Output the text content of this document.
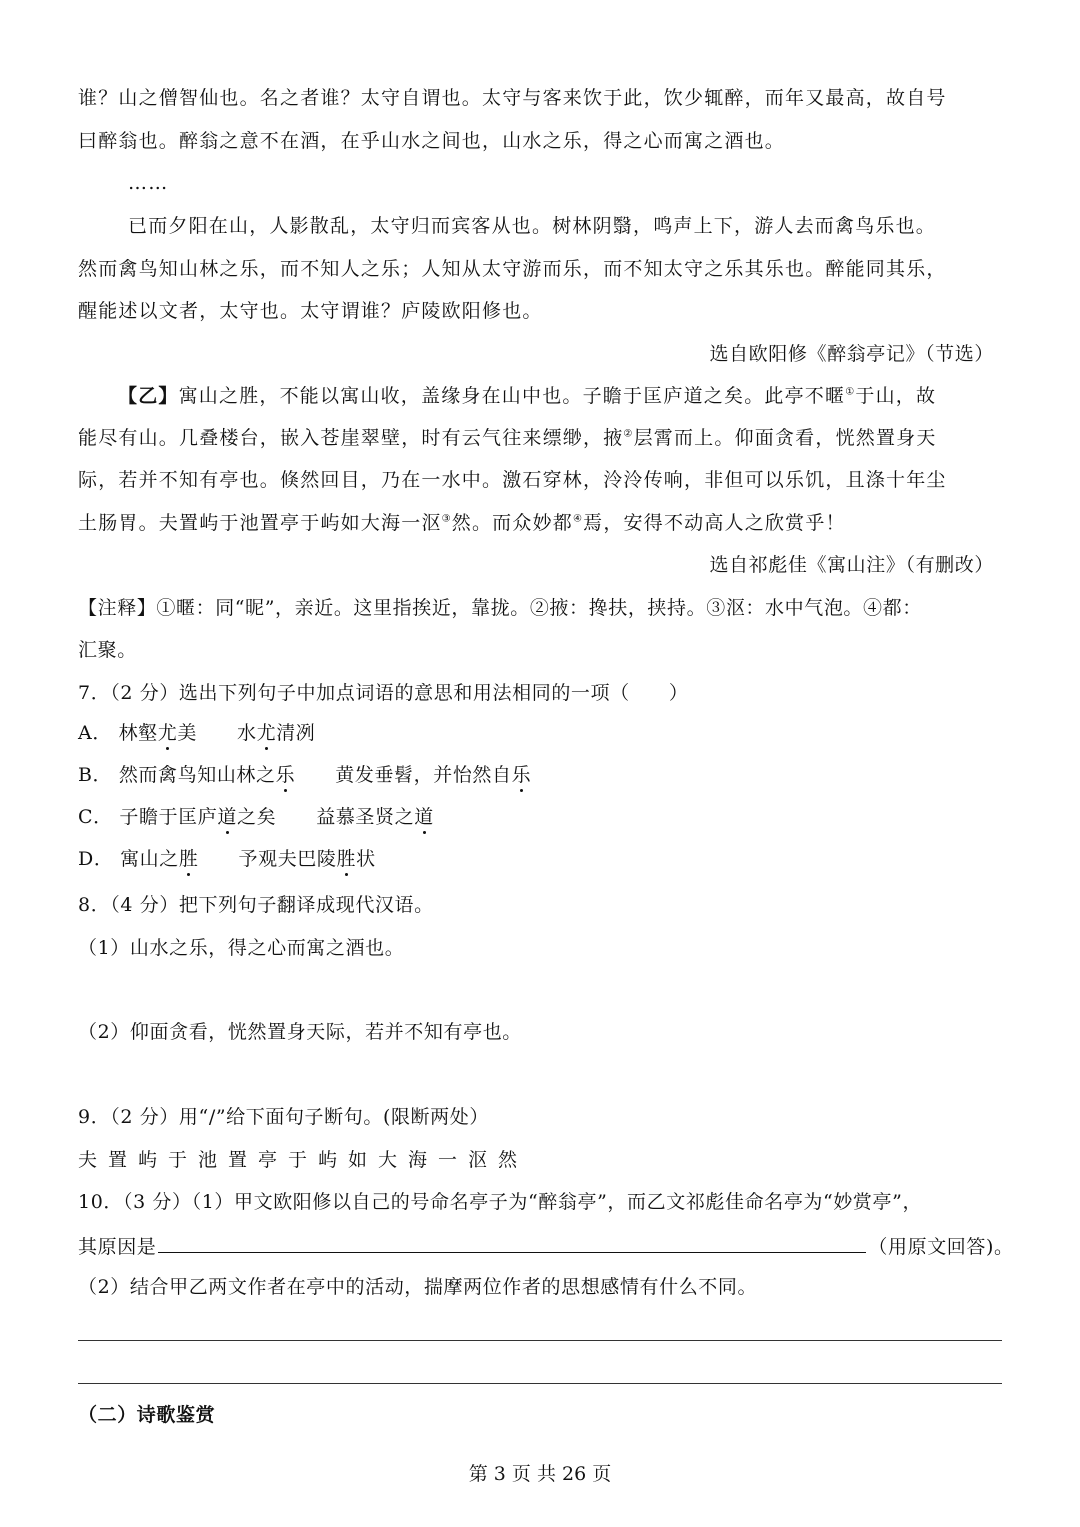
谁？山之僧智仙也。名之者谁？太守自谓也。太守与客来饮于此，饮少辄醉，而年又最高，故自号
曰醉翁也。醉翁之意不在酒，在乎山水之间也，山水之乐，得之心而寓之酒也。
……
已而夕阳在山，人影散乱，太守归而宾客从也。树林阴翳，鸣声上下，游人去而禽鸟乐也。
然而禽鸟知山林之乐，而不知人之乐；人知从太守游而乐，而不知太守之乐其乐也。醉能同其乐，
醒能述以文者，太守也。太守谓谁？庐陵欧阳修也。
选自欧阳修《醉翁亭记》（节选）
【乙】寓山之胜，不能以寓山收，盖缘身在山中也。子瞻于匡庐道之矣。此亭不暱①于山，故
能尽有山。几叠楼台，嵌入苍崖翠壁，时有云气往来缥缈，掖②层霄而上。仰面贪看，恍然置身天
际，若并不知有亭也。倏然回目，乃在一水中。激石穿林，泠泠传响，非但可以乐饥，且涤十年尘
土肠胃。夫置屿于池置亭于屿如大海一沤③然。而众妙都④焉，安得不动高人之欣赏乎！
选自祁彪佳《寓山注》（有删改）
【注释】①暱：同“昵”，亲近。这里指挨近，靠拢。②掖：搀扶，挟持。③沤：水中气泡。④都：
汇聚。
7．（2 分）选出下列句子中加点词语的意思和用法相同的一项（　　）
A． 林壑尤美 水尤清冽
B． 然而禽鸟知山林之乐 黄发垂髫，并怡然自乐
C． 子瞻于匡庐道之矣 益慕圣贤之道
D． 寓山之胜 予观夫巴陵胜状
8．（4 分）把下列句子翻译成现代汉语。
（1）山水之乐，得之心而寓之酒也。
（2）仰面贪看，恍然置身天际，若并不知有亭也。
9．（2 分）用“/”给下面句子断句。(限断两处）
夫置屿于池置亭于屿如大海一沤然
10．（3 分）（1）甲文欧阳修以自己的号命名亭子为“醉翁亭”，而乙文祁彪佳命名亭为“妙赏亭”，
其原因是	（用原文回答)。
（2）结合甲乙两文作者在亭中的活动，揣摩两位作者的思想感情有什么不同。
（二）诗歌鉴赏
第 3 页 共 26 页
